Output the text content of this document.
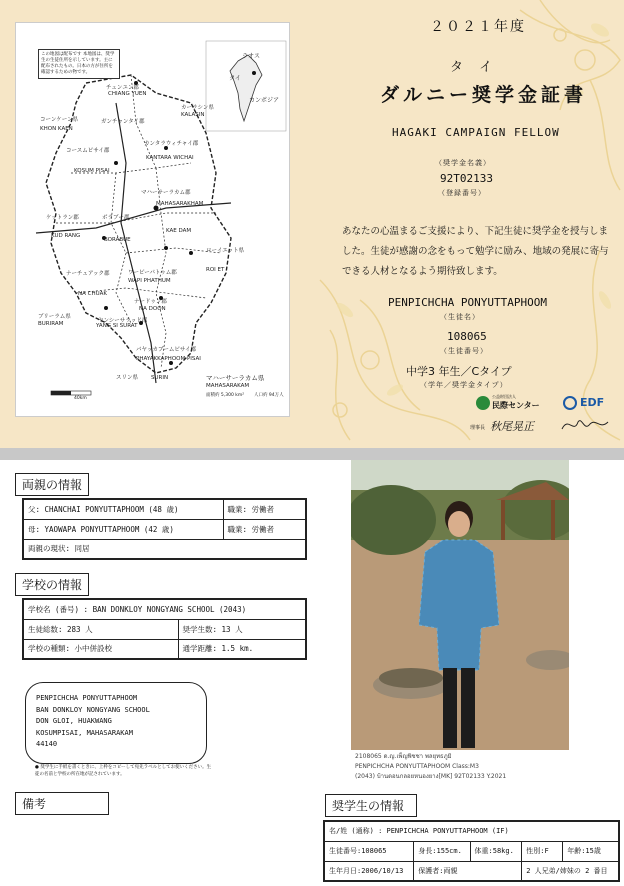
この地図は配布です 本地図は、奨学生の生徒住所を示しています。主に配布されたもの。日本の方が住所を確認するための物です。
ラオス
タイ
カンボジア
コーンケーン県
KHON KAEN
カーラシン県
KALASIN
コースムピサイ郡
KOSUM PISAI
カンタラウィチャイ郡
KANTARA WICHAI
マハーサーラカム郡
MAHASARAKHAM
ケットラン郡
KUD RANG
ボラブー郡
BORABUE
ナーチュアック郡
NA CHUAK
ローイエット県
ROI ET
ナードゥン郡
NA DOON
ワーピーパトゥム郡
WAPI PHATHUM
ブリーラム県
BURIRAM	ヤンシーサラッド郡
YANG SI SURAT
パヤッカプームピサイ郡
PHAYAKKAPHOOM PISAI
スリン県 SURIN
チェンユン郡
CHIANG YUEN
ガンチャンタイ郡
KAE DAM
マハーサーラカム県
MAHASARAKAM
面積約 5,300 km² 人口約 94万人
40km
２０２１年度
タ イ
ダルニー奨学金証書
HAGAKI CAMPAIGN FELLOW
（奨学金名義）
92T02133
（登録番号）
あなたの心温まるご支援により、下記生徒に奨学金を授与しました。生徒が感謝の念をもって勉学に励み、地域の発展に寄与できる人材となるよう期待致します。
PENPICHCHA PONYUTTAPHOOM
（生徒名）
108065
（生徒番号）
中学3 年生／Cタイプ
（学年／奨学金タイプ）
公益財団法人
民際センター
理事長 秋尾晃正
EDF
両親の情報
父: CHANCHAI PONYUTTAPHOOM (48 歳)	職業: 労働者
母: YAOWAPA PONYUTTAPHOOM (42 歳)	職業: 労働者
両親の現状: 同居	
学校の情報
学校名 (番号) : BAN DONKLOY NONGYANG SCHOOL (2043)	
生徒総数: 283 人	奨学生数: 13 人
学校の種類: 小中併設校	通学距離: 1.5 km.
PENPICHCHA PONYUTTAPHOOM
BAN DONKLOY NONGYANG SCHOOL
DON GLOI, HUAKWANG
KOSUMPISAI, MAHASARAKAM
44140
● 奨学生に手紙を書くときに、上枠をコピーして宛先ラベルとしてお使いください。生徒の名前と学校の所在地が記されています。
2108065 ด.ญ.เพ็ญพิชชา พลยุทธภูมิ
PENPICHCHA PONYUTTAPHOOM Class:M3
(2043) บ้านดอนกลอยหนองยาง[MK] 92T02133 Y.2021
備考	奨学生の情報
名/姓 (通称) : PENPICHCHA PONYUTTAPHOOM (IF)				
生徒番号:108065	身長:155cm.	体重:58kg.	性別:F	年齢:15歳
生年月日:2006/10/13	保護者:両親		2 人兄弟/姉妹の 2 番目	
